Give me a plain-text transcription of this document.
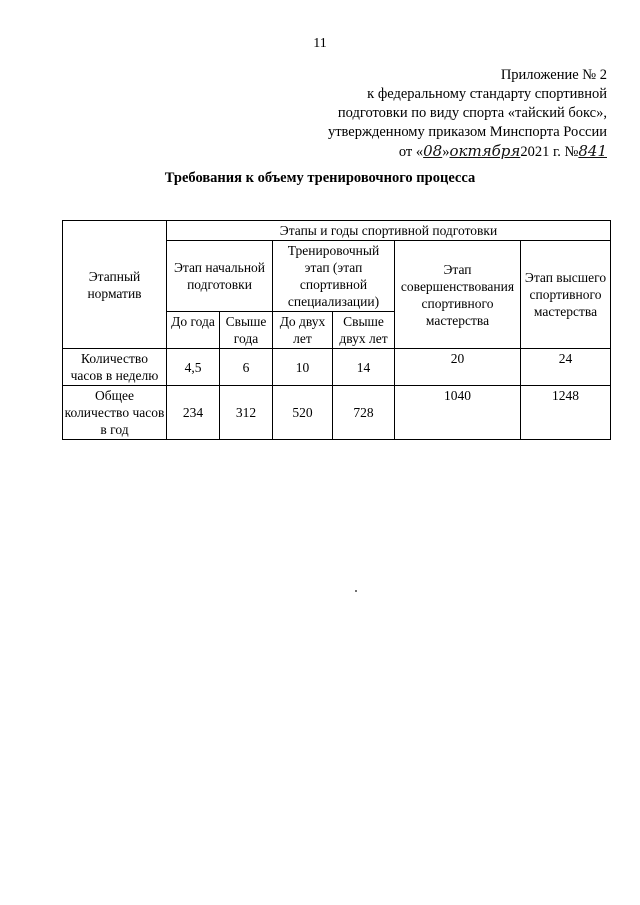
11
Приложение № 2
к федеральному стандарту спортивной
подготовки по виду спорта «тайский бокс»,
утвержденному приказом Минспорта России
от «08»октября2021 г. №841
Требования к объему тренировочного процесса
Этапный норматив	Этапы и годы спортивной подготовки					
	Этап начальной подготовки		Тренировочный этап (этап спортивной специализации)		Этап совершенствования спортивного мастерства	Этап высшего спортивного мастерства
	До года	Свыше года	До двух лет	Свыше двух лет		
Количество часов в неделю	4,5	6	10	14	20	24
Общее количество часов в год	234	312	520	728	1040	1248
